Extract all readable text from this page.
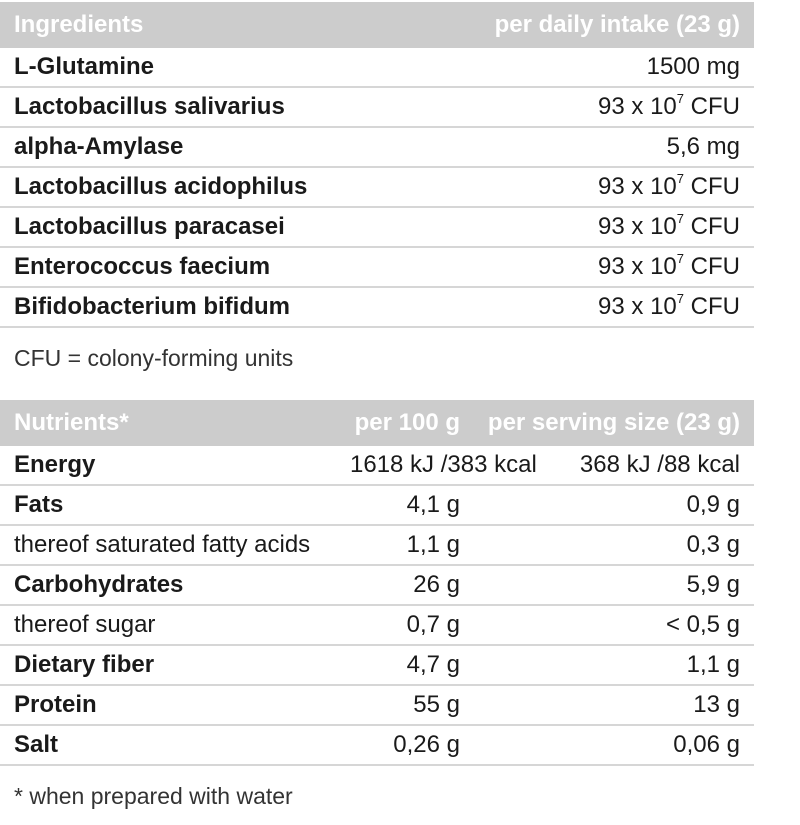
Ingredients	per daily intake (23 g)
L-Glutamine	1500 mg
Lactobacillus salivarius	93 x $10^7$ CFU
alpha-Amylase	5,6 mg
Lactobacillus acidophilus	93 x $10^7$ CFU
Lactobacillus paracasei	93 x $10^7$ CFU
Enterococcus faecium	93 x $10^7$ CFU
Bifidobacterium bifidum	93 x $10^7$ CFU
CFU = colony-forming units
Nutrients*	per 100 g	per serving size (23 g)
Energy	1618 kJ /383 kcal	368 kJ /88 kcal
Fats	4,1 g	0,9 g
thereof saturated fatty acids	1,1 g	0,3 g
Carbohydrates	26 g	5,9 g
thereof sugar	0,7 g	< 0,5 g
Dietary fiber	4,7 g	1,1 g
Protein	55 g	13 g
Salt	0,26 g	0,06 g
* when prepared with water
